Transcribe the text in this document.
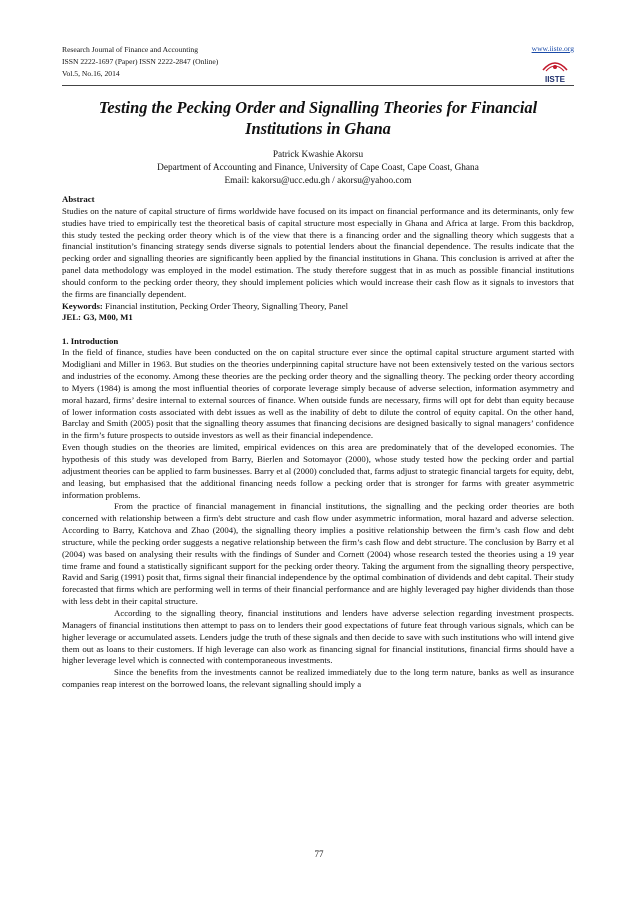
Research Journal of Finance and Accounting
ISSN 2222-1697 (Paper) ISSN 2222-2847 (Online)
Vol.5, No.16, 2014
www.iiste.org
IISTE
Testing the Pecking Order and Signalling Theories for Financial Institutions in Ghana
Patrick Kwashie Akorsu
Department of Accounting and Finance, University of Cape Coast, Cape Coast, Ghana
Email: kakorsu@ucc.edu.gh / akorsu@yahoo.com

Abstract

Studies on the nature of capital structure of firms worldwide have focused on its impact on financial performance and its determinants, only few studies have tried to empirically test the theoretical basis of capital structure most especially in Ghana and Africa at large. From this backdrop, this study tested the pecking order theory which is of the view that there is a financing order and the signalling theory which suggests that a financial institution’s financing strategy sends diverse signals to potential lenders about the financial dependence. The results indicate that the pecking order and signalling theories are significantly been applied by the financial institutions in Ghana. This conclusion is arrived at after the panel data methodology was employed in the model estimation. The study therefore suggest that in as much as possible financial institutions should conform to the pecking order theory, they should implement policies which would increase their cash flow as it signals to investors that the firms are financially dependent.

Keywords: Financial institution, Pecking Order Theory, Signalling Theory, Panel

JEL: G3, M00, M1

1. Introduction

In the field of finance, studies have been conducted on the on capital structure ever since the optimal capital structure argument started with Modigliani and Miller in 1963. But studies on the theories underpinning capital structure have not been extensively tested on the various sectors and industries of the economy. Among these theories are the pecking order theory and the signalling theory. The pecking order theory according to Myers (1984) is among the most influential theories of corporate leverage simply because of adverse selection, information asymmetry and moral hazard, firms’ desire internal to external sources of finance. When outside funds are necessary, firms will opt for debt than equity because of lower information costs associated with debt issues as well as the inability of debt to dilute the control of equity capital. On the other hand, Barclay and Smith (2005) posit that the signalling theory assumes that financing decisions are designed basically to signal managers’ confidence in the firm’s future prospects to outside investors as well as their financial independence.

Even though studies on the theories are limited, empirical evidences on this area are predominately that of the developed economies. The hypothesis of this study was developed from Barry, Bierlen and Sotomayor (2000), whose study tested how the pecking order and partial adjustment theories can be applied to farm businesses. Barry et al (2000) concluded that, farms adjust to strategic financial targets for equity, debt, and leasing, but emphasised that the additional financing needs follow a pecking order that is stronger for farms with greater asymmetric information problems.

From the practice of financial management in financial institutions, the signalling and the pecking order theories are both concerned with relationship between a firm's debt structure and cash flow under asymmetric information, moral hazard and adverse selection. According to Barry, Katchova and Zhao (2004), the signalling theory implies a positive relationship between the firm’s cash flow and debt structure, while the pecking order suggests a negative relationship between the firm’s cash flow and debt structure. The conclusion by Barry et al (2004) was based on analysing their results with the findings of Sunder and Cornett (2004) whose research tested the theories using a 19 year time frame and found a statistically significant support for the pecking order theory. Taking the argument from the signalling theory perspective, Ravid and Sarig (1991) posit that, firms signal their financial independence by the optimal combination of dividends and debt capital. Their study forecasted that firms which are performing well in terms of their financial performance and are highly leveraged pay higher dividends than those with less debt in their capital structure.

According to the signalling theory, financial institutions and lenders have adverse selection regarding investment prospects. Managers of financial institutions then attempt to pass on to lenders their good expectations of future feat through various signals, which can be higher leverage or accumulated assets. Lenders judge the truth of these signals and then decide to save with such institutions who will intend give them out as loans to their customers. If high leverage can also work as financing signal for financial institutions, financial firms should have a higher leverage level which is connected with contemporaneous investments.

Since the benefits from the investments cannot be realized immediately due to the long term nature, banks as well as insurance companies reap interest on the borrowed loans, the relevant signalling should imply a

77
